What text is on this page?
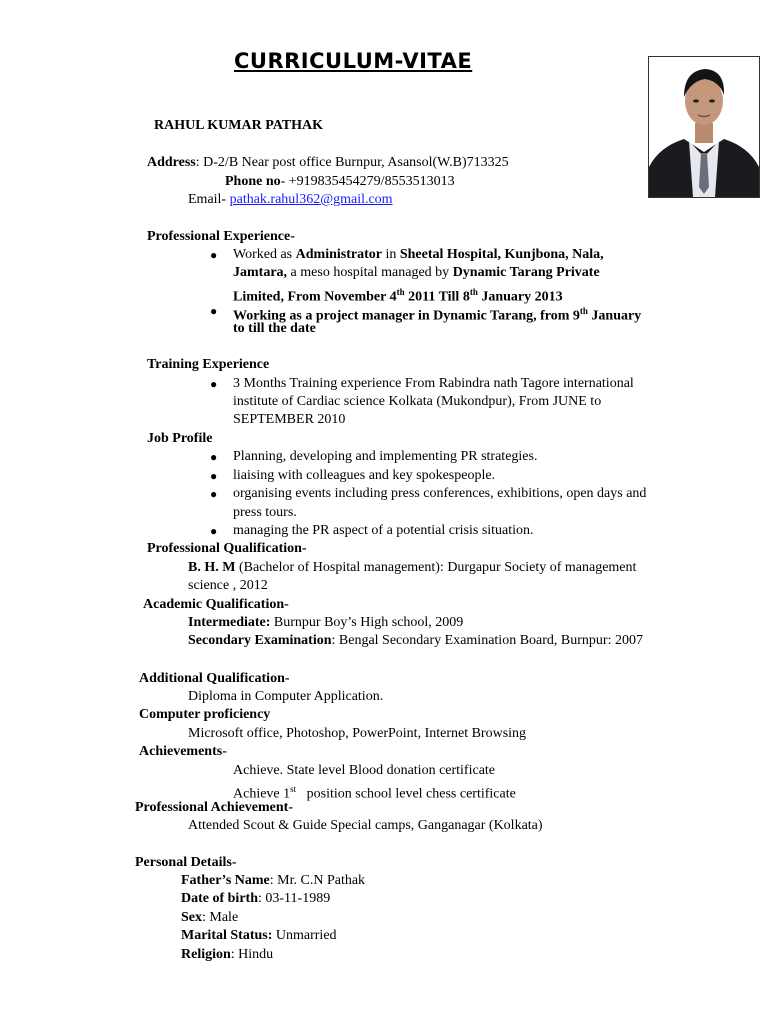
CURRICULUM-VITAE
RAHUL KUMAR PATHAK
Address: D-2/B Near post office Burnpur, Asansol(W.B)713325
Phone no- +919835454279/8553513013
Email- pathak.rahul362@gmail.com
Professional Experience-
● Worked as Administrator in Sheetal Hospital, Kunjbona, Nala,
Jamtara, a meso hospital managed by Dynamic Tarang Private
Limited, From November 4th 2011 Till 8th January 2013
● Working as a project manager in Dynamic Tarang, from 9th January
to till the date
Training Experience
● 3 Months Training experience From Rabindra nath Tagore international
institute of Cardiac science Kolkata (Mukondpur), From JUNE to
SEPTEMBER 2010
Job Profile
● Planning, developing and implementing PR strategies.
● liaising with colleagues and key spokespeople.
● organising events including press conferences, exhibitions, open days and
press tours.
● managing the PR aspect of a potential crisis situation.
Professional Qualification-
B. H. M (Bachelor of Hospital management): Durgapur Society of management
science , 2012
Academic Qualification-
Intermediate: Burnpur Boy’s High school, 2009
Secondary Examination: Bengal Secondary Examination Board, Burnpur: 2007
Additional Qualification-
Diploma in Computer Application.
Computer proficiency
Microsoft office, Photoshop, PowerPoint, Internet Browsing
Achievements-
Achieve. State level Blood donation certificate
Achieve 1st   position school level chess certificate
Professional Achievement-
Attended Scout & Guide Special camps, Ganganagar (Kolkata)
Personal Details-
Father’s Name: Mr. C.N Pathak
Date of birth: 03-11-1989
Sex: Male
Marital Status: Unmarried
Religion: Hindu
